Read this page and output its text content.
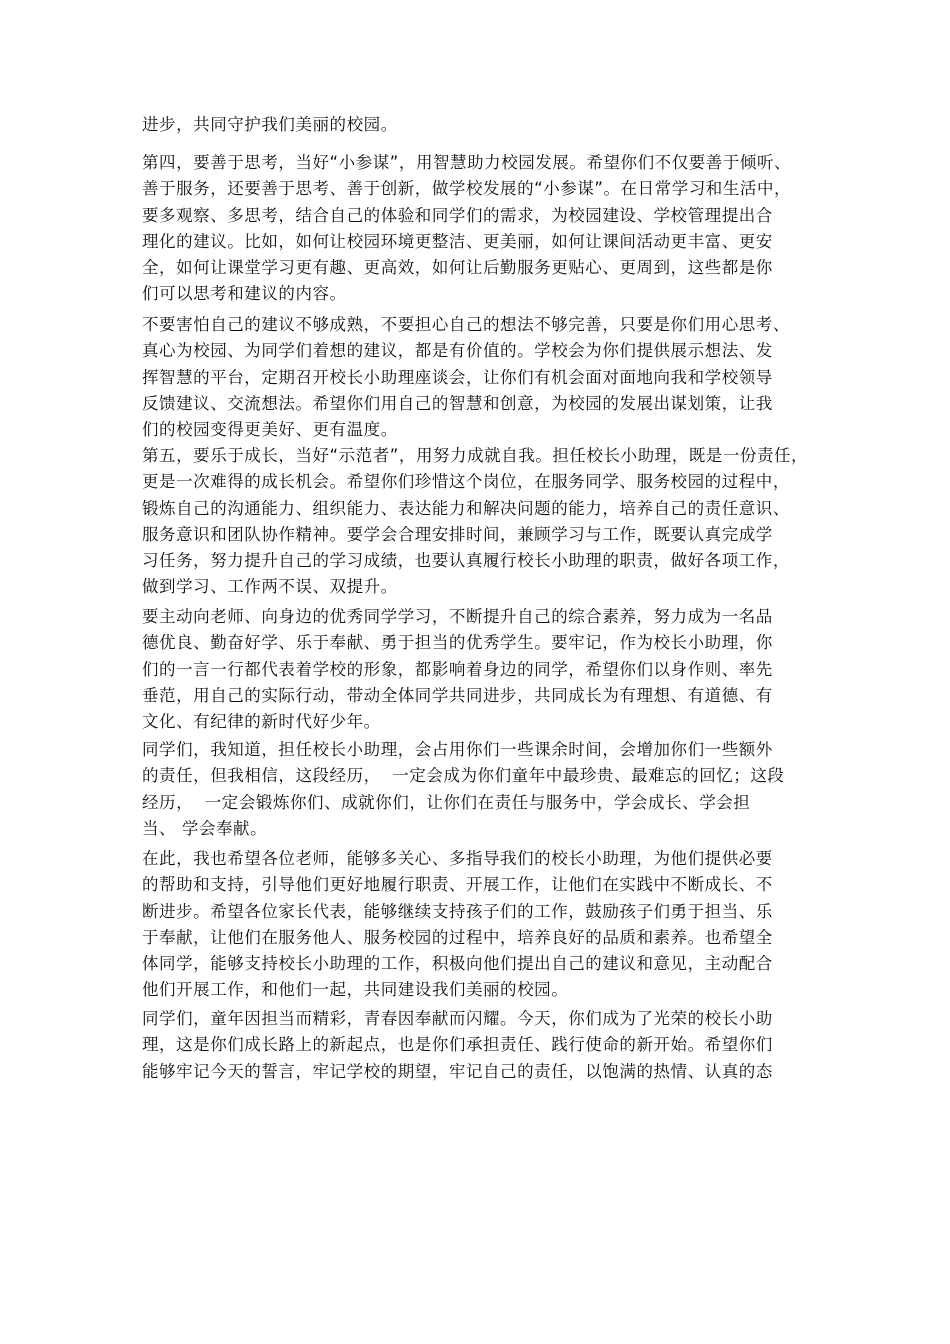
进步，共同守护我们美丽的校园。
第四，要善于思考，当好“小参谋”，用智慧助力校园发展。希望你们不仅要善于倾听、
善于服务，还要善于思考、善于创新，做学校发展的“小参谋”。在日常学习和生活中，
要多观察、多思考，结合自己的体验和同学们的需求，为校园建设、学校管理提出合
理化的建议。比如，如何让校园环境更整洁、更美丽，如何让课间活动更丰富、更安
全，如何让课堂学习更有趣、更高效，如何让后勤服务更贴心、更周到，这些都是你
们可以思考和建议的内容。
不要害怕自己的建议不够成熟，不要担心自己的想法不够完善，只要是你们用心思考、
真心为校园、为同学们着想的建议，都是有价值的。学校会为你们提供展示想法、发
挥智慧的平台，定期召开校长小助理座谈会，让你们有机会面对面地向我和学校领导
反馈建议、交流想法。希望你们用自己的智慧和创意，为校园的发展出谋划策，让我
们的校园变得更美好、更有温度。
第五，要乐于成长，当好“示范者”，用努力成就自我。担任校长小助理，既是一份责任，
更是一次难得的成长机会。希望你们珍惜这个岗位，在服务同学、服务校园的过程中，
锻炼自己的沟通能力、组织能力、表达能力和解决问题的能力，培养自己的责任意识、
服务意识和团队协作精神。要学会合理安排时间，兼顾学习与工作，既要认真完成学
习任务，努力提升自己的学习成绩，也要认真履行校长小助理的职责，做好各项工作，
做到学习、工作两不误、双提升。
要主动向老师、向身边的优秀同学学习，不断提升自己的综合素养，努力成为一名品
德优良、勤奋好学、乐于奉献、勇于担当的优秀学生。要牢记，作为校长小助理，你
们的一言一行都代表着学校的形象，都影响着身边的同学，希望你们以身作则、率先
垂范，用自己的实际行动，带动全体同学共同进步，共同成长为有理想、有道德、有
文化、有纪律的新时代好少年。
同学们，我知道，担任校长小助理，会占用你们一些课余时间，会增加你们一些额外
的责任，但我相信，这段经历，  一定会成为你们童年中最珍贵、最难忘的回忆；这段
经历，  一定会锻炼你们、成就你们，让你们在责任与服务中，学会成长、学会担
当、 学会奉献。
在此，我也希望各位老师，能够多关心、多指导我们的校长小助理，为他们提供必要
的帮助和支持，引导他们更好地履行职责、开展工作，让他们在实践中不断成长、不
断进步。希望各位家长代表，能够继续支持孩子们的工作，鼓励孩子们勇于担当、乐
于奉献，让他们在服务他人、服务校园的过程中，培养良好的品质和素养。也希望全
体同学，能够支持校长小助理的工作，积极向他们提出自己的建议和意见，主动配合
他们开展工作，和他们一起，共同建设我们美丽的校园。
同学们，童年因担当而精彩，青春因奉献而闪耀。今天，你们成为了光荣的校长小助
理，这是你们成长路上的新起点，也是你们承担责任、践行使命的新开始。希望你们
能够牢记今天的誓言，牢记学校的期望，牢记自己的责任，以饱满的热情、认真的态
